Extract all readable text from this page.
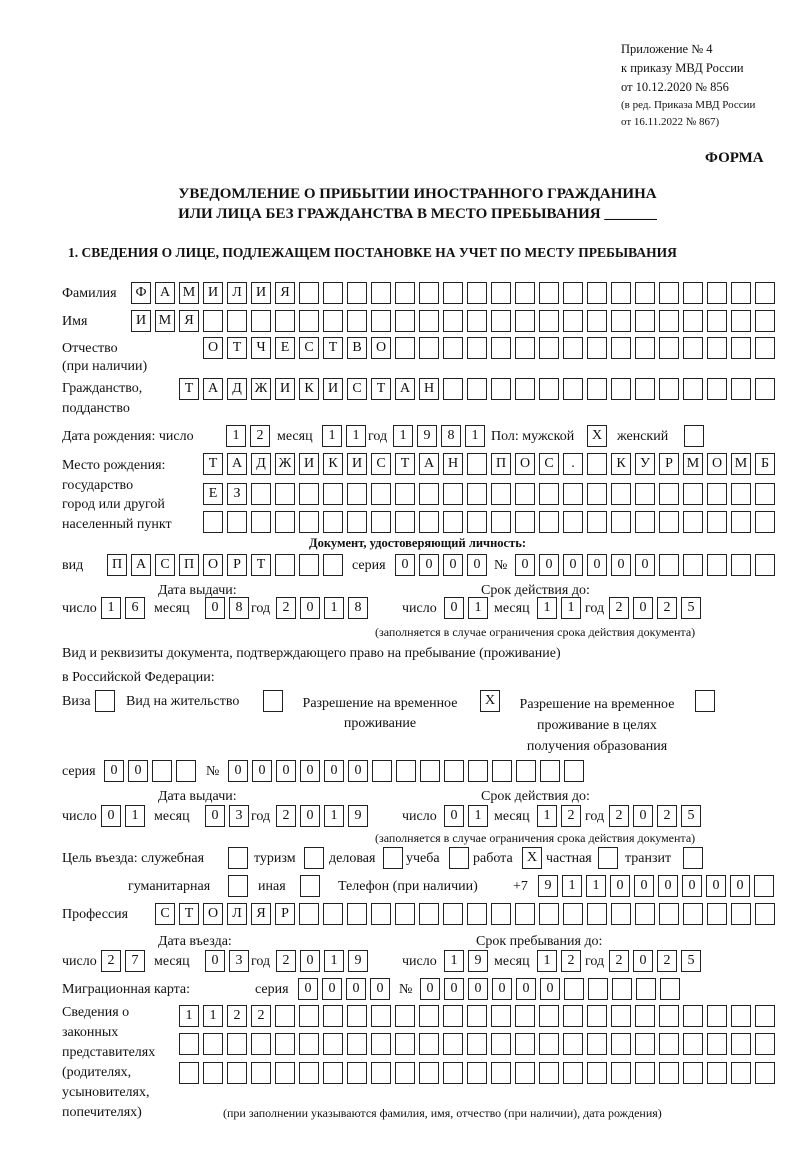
Приложение № 4
к приказу МВД России
от 10.12.2020 № 856
(в ред. Приказа МВД России
от 16.11.2022 № 867)
ФОРМА
УВЕДОМЛЕНИЕ О ПРИБЫТИИ ИНОСТРАННОГО ГРАЖДАНИНА
ИЛИ ЛИЦА БЕЗ ГРАЖДАНСТВА В МЕСТО ПРЕБЫВАНИЯ _______
1. СВЕДЕНИЯ О ЛИЦЕ, ПОДЛЕЖАЩЕМ ПОСТАНОВКЕ НА УЧЕТ ПО МЕСТУ ПРЕБЫВАНИЯ
Фамилия	Ф А М И	Л	И	Я
Имя	И М Я
Отчество
(при наличии)
О	Т	Ч	Е	С	Т	В	О
Гражданство,
подданство
Т	А	Д Ж И	К	И	С	Т	А Н
Дата рождения: число	1	2 месяц	1	1 год 1	9	8	1 Пол: мужской	X	женский
Место рождения:
государство
город или другой
населенный пункт
Т	А	Д Ж И	К	И	С	Т	А Н	П О	С	.	К	У	Р М О М Б
Е	З
Документ, удостоверяющий личность:
вид	П А	С	П О	Р	Т	серия	0	0	0	0 №	0	0	0	0	0	0
Дата выдачи:	Срок действия до:
число 1	6	месяц	0	8 год 2	0	1	8	число 0	1 месяц 1	1 год 2	0	2	5
(заполняется в случае ограничения срока действия документа)
Вид и реквизиты документа, подтверждающего право на пребывание (проживание)
в Российской Федерации:
Виза	Вид на жительство	Разрешение на временное
проживание
X	Разрешение на временное
проживание в целях
получения образования
серия	0	0	№	0	0	0	0	0	0
Дата выдачи:	Срок действия до:
число 0	1	месяц	0	3 год 2	0	1	9	число 0	1 месяц 1	2 год 2	0	2	5
(заполняется в случае ограничения срока действия документа)
Цель въезда: служебная	туризм деловая учеба работа	X частная транзит
гуманитарная	иная	Телефон (при наличии)	+7	9	1	1	0	0	0	0	0	0
Профессия	С	Т	О	Л	Я	Р
Дата въезда:	Срок пребывания до:
число 2	7	месяц	0	3 год 2	0	1	9	число 1	9 месяц 1	2 год 2	0	2	5
Миграционная карта:	серия	0	0	0	0	№	0	0	0	0	0	0
Сведения о
законных
представителях
(родителях,
усыновителях,
попечителях)
1	1	2	2
(при заполнении указываются фамилия, имя, отчество (при наличии), дата рождения)
